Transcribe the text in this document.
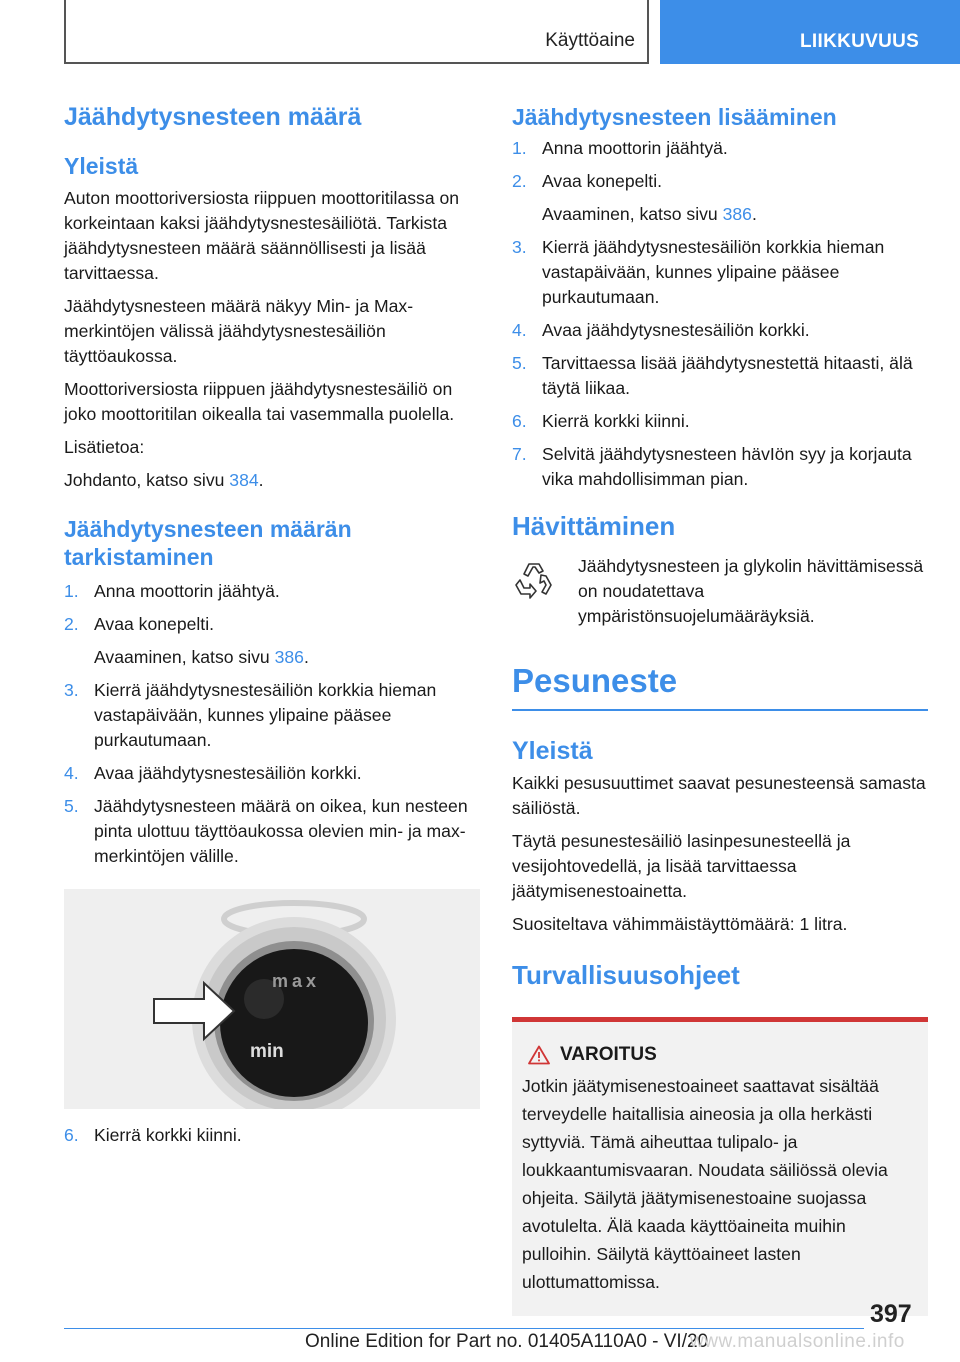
Käyttöaine	LIIKKUVUUS
Jäähdytysnesteen määrä
Yleistä

Auton moottoriversiosta riippuen moottoritilassa on korkeintaan kaksi jäähdytysnestesäiliötä. Tarkista jäähdytysnesteen määrä säännöllisesti ja lisää tarvittaessa.

Jäähdytysnesteen määrä näkyy Min- ja Max-merkintöjen välissä jäähdytysnestesäiliön täyttöaukossa.

Moottoriversiosta riippuen jäähdytysnestesäiliö on joko moottoritilan oikealla tai vasemmalla puolella.

Lisätietoa:

Johdanto, katso sivu 384.

Jäähdytysnesteen määrän tarkistaminen
1. Anna moottorin jäähtyä.
2. Avaa konepelti.
Avaaminen, katso sivu 386.
3. Kierrä jäähdytysnestesäiliön korkkia hieman vastapäivään, kunnes ylipaine pääsee purkautumaan.
4. Avaa jäähdytysnestesäiliön korkki.
5. Jäähdytysnesteen määrä on oikea, kun nesteen pinta ulottuu täyttöaukossa olevien min- ja max-merkintöjen välille.
max
min
6. Kierrä korkki kiinni.
Jäähdytysnesteen lisääminen
1. Anna moottorin jäähtyä.
2. Avaa konepelti.
Avaaminen, katso sivu 386.
3. Kierrä jäähdytysnestesäiliön korkkia hieman vastapäivään, kunnes ylipaine pääsee purkautumaan.
4. Avaa jäähdytysnestesäiliön korkki.
5. Tarvittaessa lisää jäähdytysnestettä hitaasti, älä täytä liikaa.
6. Kierrä korkki kiinni.
7. Selvitä jäähdytysnesteen hävIön syy ja korjauta vika mahdollisimman pian.
Hävittäminen

Jäähdytysnesteen ja glykolin hävittämisessä on noudatettava ympäristönsuojelumääräyksiä.

Pesuneste
Yleistä

Kaikki pesusuuttimet saavat pesunesteensä samasta säiliöstä.

Täytä pesunestesäiliö lasinpesunesteellä ja vesijohtovedellä, ja lisää tarvittaessa jäätymisenestoainetta.

Suositeltava vähimmäistäyttömäärä: 1 litra.

Turvallisuusohjeet
VAROITUS

Jotkin jäätymisenestoaineet saattavat sisältää terveydelle haitallisia aineosia ja olla herkästi syttyviä. Tämä aiheuttaa tulipalo- ja loukkaantumisvaaran. Noudata säiliössä olevia ohjeita. Säilytä jäätymisenestoaine suojassa avotulelta. Älä kaada käyttöaineita muihin pulloihin. Säilytä käyttöaineet lasten ulottumattomissa.

397
Online Edition for Part no. 01405A110A0 - VI/20
www.manualsonline.info
